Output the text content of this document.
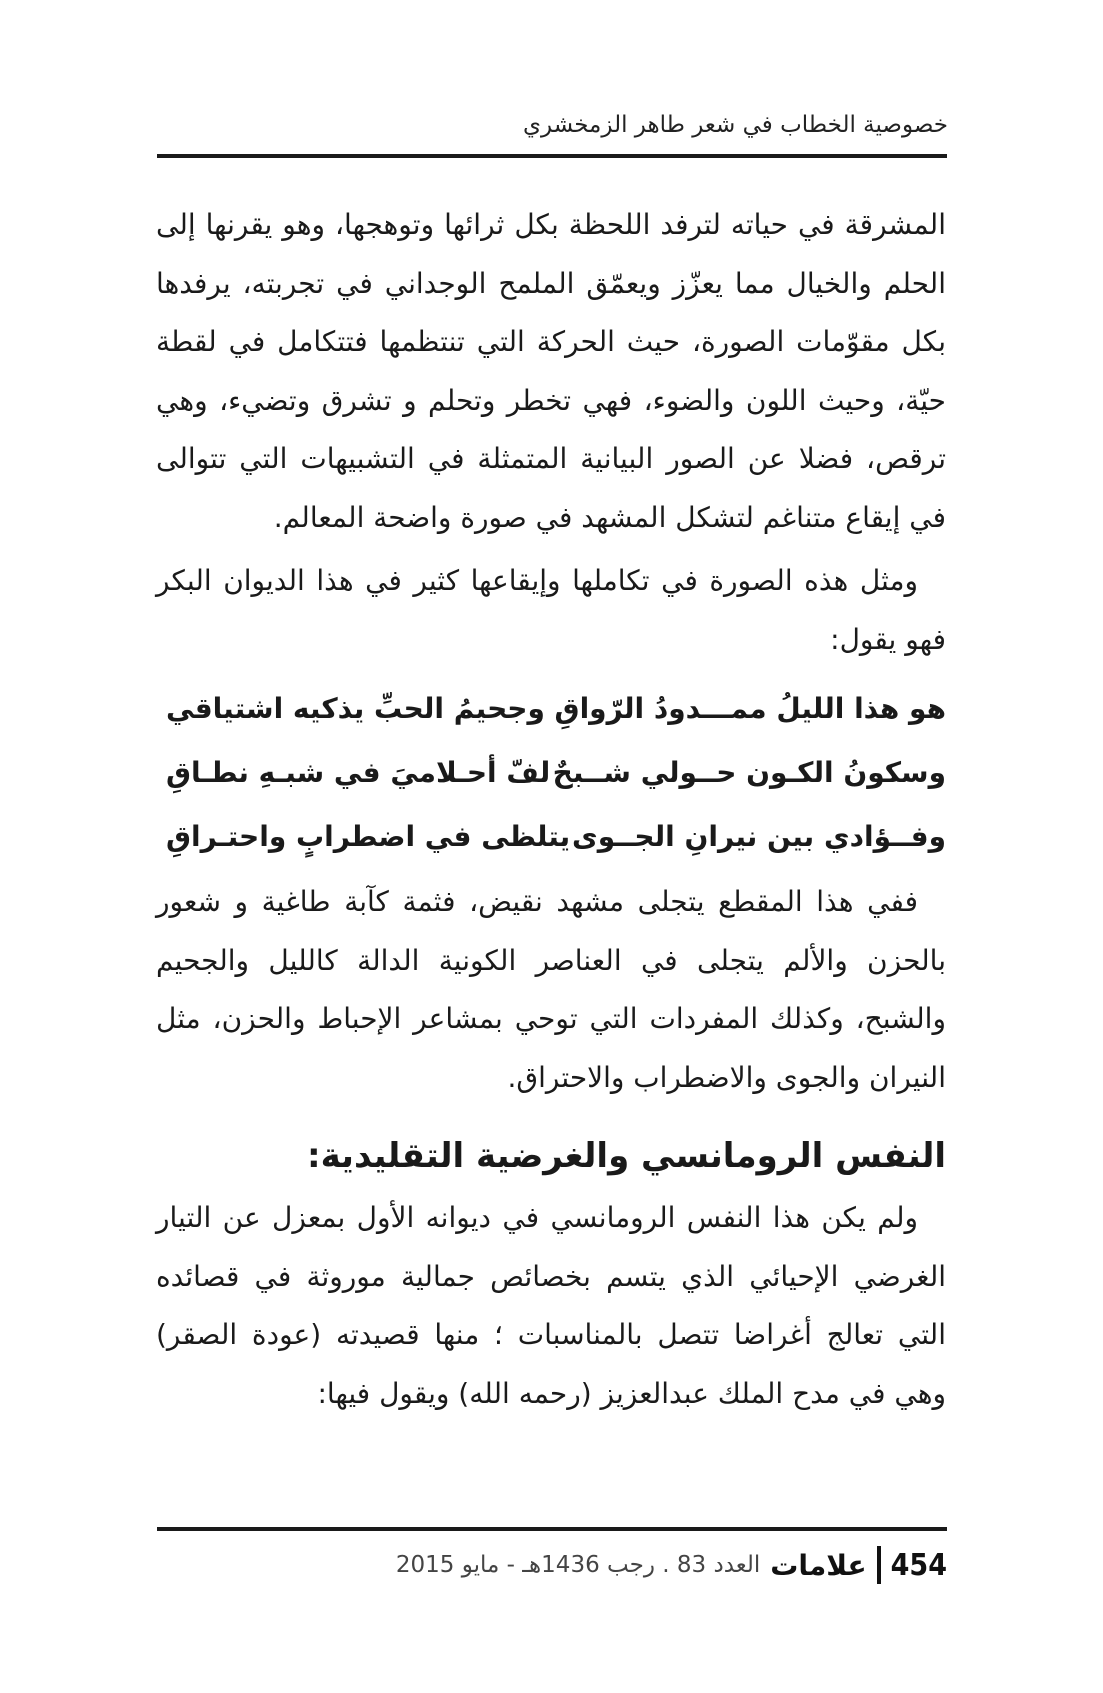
خصوصية الخطاب في شعر طاهر الزمخشري

المشرقة في حياته لترفد اللحظة بكل ثرائها وتوهجها، وهو يقرنها إلى الحلم والخيال مما يعزّز ويعمّق الملمح الوجداني في تجربته، يرفدها بكل مقوّمات الصورة، حيث الحركة التي تنتظمها فتتكامل في لقطة حيّة، وحيث اللون والضوء، فهي تخطر وتحلم و تشرق وتضيء، وهي ترقص، فضلا عن الصور البيانية المتمثلة في التشبيهات التي تتوالى في إيقاع متناغم لتشكل المشهد في صورة واضحة المعالم.

ومثل هذه الصورة في تكاملها وإيقاعها كثير في هذا الديوان البكر فهو يقول:

هو هذا الليلُ ممـــدودُ الرّواقِ
وجحيمُ الحبِّ يذكيه اشتياقي
وسكونُ الكـون حــولي شــبحٌ
لفّ أحـلاميَ في شبـهِ نطـاقِ
وفــؤادي بين نيرانِ الجــوى
يتلظى في اضطرابٍ واحتـراقِ

ففي هذا المقطع يتجلى مشهد نقيض، فثمة كآبة طاغية و شعور بالحزن والألم يتجلى في العناصر الكونية الدالة كالليل والجحيم والشبح، وكذلك المفردات التي توحي بمشاعر الإحباط والحزن، مثل النيران والجوى والاضطراب والاحتراق.

النفس الرومانسي والغرضية التقليدية:

ولم يكن هذا النفس الرومانسي في ديوانه الأول بمعزل عن التيار الغرضي الإحيائي الذي يتسم بخصائص جمالية موروثة في قصائده التي تعالج أغراضا تتصل بالمناسبات ؛ منها قصيدته (عودة الصقر) وهي في مدح الملك عبدالعزيز (رحمه الله) ويقول فيها:

العدد 83 . رجب 1436هـ - مايو 2015 علامات 454
